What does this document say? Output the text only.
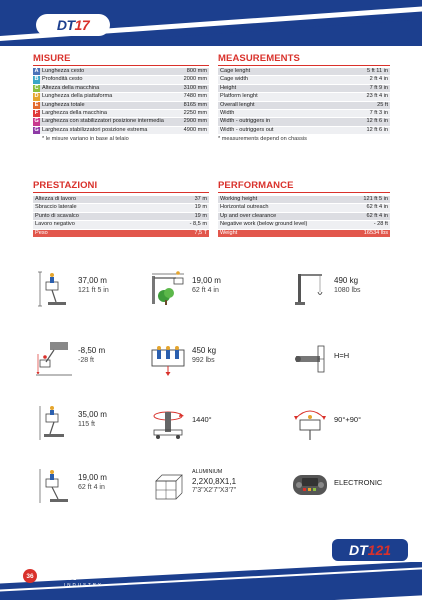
DT 17
MISURE
A	Lunghezza cesto	800 mm
B	Profondità cesto	2000 mm
C	Altezza della macchina	3100 mm
D	Lunghezza della piattaforma	7480 mm
E	Lunghezza totale	8165 mm
F	Larghezza della macchina	2250 mm
G	Larghezza con stabilizzatori posizione intermedia	2900 mm
G	Larghezza stabilizzatori posizione estrema	4900 mm
* le misure variano in base al telaio
MEASUREMENTS
Cage lenght	5 ft 11 in
Cage width	2 ft 4 in
Height	7 ft 9 in
Platform lenght	23 ft 4 in
Overall lenght	25 ft
Width	7 ft 3 in
Width - outriggers in	12 ft 6 in
Width - outriggers out	12 ft 6 in
* measurements depend on chassis
PRESTAZIONI
Altezza di lavoro	37 m
Sbraccio laterale	19 m
Punto di scavalco	19 m
Lavoro negativo	- 8,5 m
Peso	7,5 T
PERFORMANCE
Working height	121 ft 5 in
Horizontal outreach	62 ft 4 in
Up and over clearance	62 ft 4 in
Negative work (below ground level)	- 28 ft
Weight	16534 lbs
37,00 m
121 ft 5 in
19,00 m
62 ft 4 in
490 kg
1080 lbs
-8,50 m
-28 ft
450 kg
992 lbs
H=H
35,00 m
115 ft
1440°	90°+90°
19,00 m
62 ft 4 in
ALUMINIUM
2,2X0,8X1,1
7'3"X2'7"X3'7"
ELECTRONIC
DT 121
36 cela
INDUSTRY
